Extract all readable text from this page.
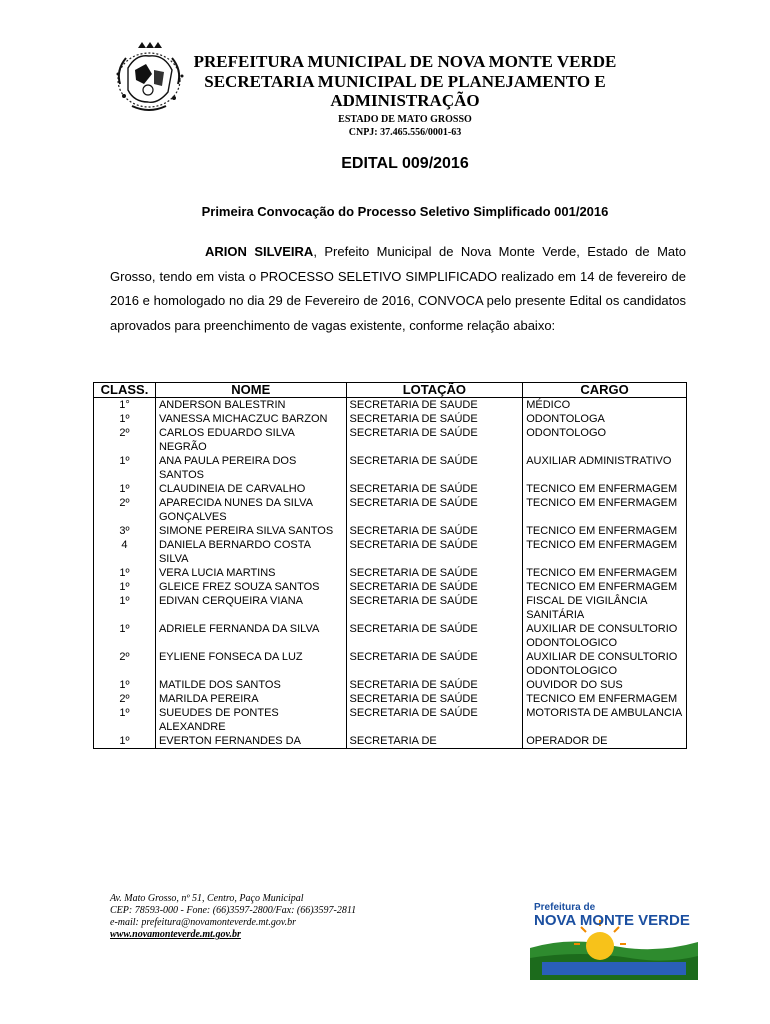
PREFEITURA MUNICIPAL DE NOVA MONTE VERDE
SECRETARIA MUNICIPAL DE PLANEJAMENTO E
ADMINISTRAÇÃO
ESTADO DE MATO GROSSO
CNPJ: 37.465.556/0001-63
EDITAL 009/2016
Primeira Convocação do Processo Seletivo Simplificado 001/2016
ARION SILVEIRA, Prefeito Municipal de Nova Monte Verde, Estado de Mato Grosso, tendo em vista o PROCESSO SELETIVO SIMPLIFICADO realizado em 14 de fevereiro de 2016 e homologado no dia 29 de Fevereiro de 2016, CONVOCA pelo presente Edital os candidatos aprovados para preenchimento de vagas existente, conforme relação abaixo:
CLASS.	NOME	LOTAÇÃO	CARGO
1°	ANDERSON BALESTRIN	SECRETARIA DE SAUDE	MÉDICO
1º	VANESSA MICHACZUC BARZON	SECRETARIA DE SAÚDE	ODONTOLOGA
2º	CARLOS EDUARDO SILVA NEGRÃO	SECRETARIA DE SAÚDE	ODONTOLOGO
1º	ANA PAULA PEREIRA DOS SANTOS	SECRETARIA DE SAÚDE	AUXILIAR ADMINISTRATIVO
1º	CLAUDINEIA DE CARVALHO	SECRETARIA DE SAÚDE	TECNICO EM ENFERMAGEM
2º	APARECIDA NUNES DA SILVA GONÇALVES	SECRETARIA DE SAÚDE	TECNICO EM ENFERMAGEM
3º	SIMONE PEREIRA SILVA SANTOS	SECRETARIA DE SAÚDE	TECNICO EM ENFERMAGEM
4	DANIELA BERNARDO COSTA SILVA	SECRETARIA DE SAÚDE	TECNICO EM ENFERMAGEM
1º	VERA LUCIA MARTINS	SECRETARIA DE SAÚDE	TECNICO EM ENFERMAGEM
1º	GLEICE FREZ SOUZA SANTOS	SECRETARIA DE SAÚDE	TECNICO EM ENFERMAGEM
1º	EDIVAN CERQUEIRA VIANA	SECRETARIA DE SAÚDE	FISCAL DE VIGILÂNCIA SANITÁRIA
1º	ADRIELE FERNANDA DA SILVA	SECRETARIA DE SAÚDE	AUXILIAR DE CONSULTORIO ODONTOLOGICO
2º	EYLIENE FONSECA DA LUZ	SECRETARIA DE SAÚDE	AUXILIAR DE CONSULTORIO ODONTOLOGICO
1º	MATILDE DOS SANTOS	SECRETARIA DE SAÚDE	OUVIDOR DO SUS
2º	MARILDA PEREIRA	SECRETARIA DE SAÚDE	TECNICO EM ENFERMAGEM
1º	SUEUDES DE PONTES ALEXANDRE	SECRETARIA DE SAÚDE	MOTORISTA DE AMBULANCIA
1º	EVERTON FERNANDES DA	SECRETARIA DE	OPERADOR DE
Av. Mato Grosso, nº 51, Centro, Paço Municipal
CEP: 78593-000 - Fone: (66)3597-2800/Fax: (66)3597-2811
e-mail: prefeitura@novamonteverde.mt.gov.br
www.novamonteverde.mt.gov.br
Prefeitura de
NOVA MONTE VERDE
